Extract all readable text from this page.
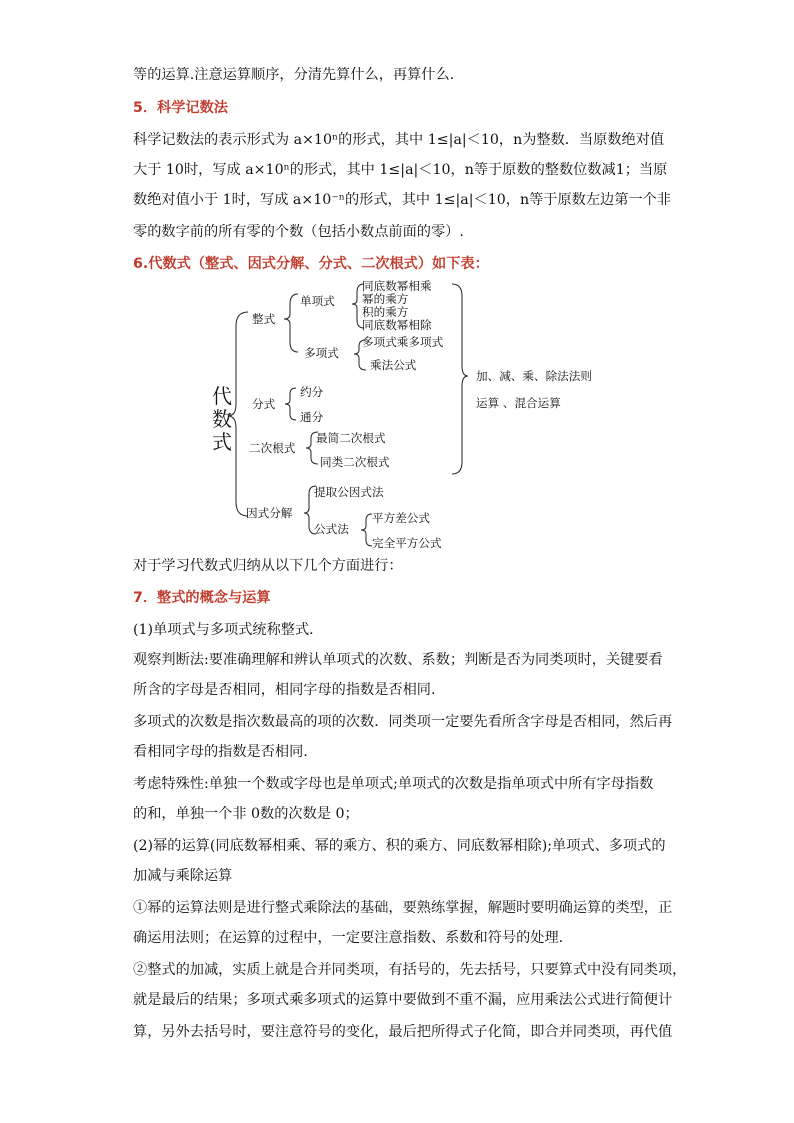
等的运算.注意运算顺序，分清先算什么，再算什么.
5．科学记数法
科学记数法的表示形式为 a×10ⁿ的形式，其中 1≤|a|＜10，n为整数．当原数绝对值
大于 10时，写成 a×10ⁿ的形式，其中 1≤|a|＜10，n等于原数的整数位数减1；当原
数绝对值小于 1时，写成 a×10⁻ⁿ的形式，其中 1≤|a|＜10，n等于原数左边第一个非
零的数字前的所有零的个数（包括小数点前面的零）.
6.代数式（整式、因式分解、分式、二次根式）如下表：
代
数
式
整式
单项式
同底数幂相乘
幂的乘方
积的乘方
同底数幂相除
多项式
多项式乘多项式
乘法公式
分式
约分
通分
二次根式
最简二次根式
同类二次根式
因式分解
提取公因式法
公式法
平方差公式
完全平方公式
加、减、乘、除法法则
运算 、混合运算
对于学习代数式归纳从以下几个方面进行：
7．整式的概念与运算
(1)单项式与多项式统称整式.
观察判断法:要准确理解和辨认单项式的次数、系数；判断是否为同类项时，关键要看
所含的字母是否相同，相同字母的指数是否相同.
多项式的次数是指次数最高的项的次数．同类项一定要先看所含字母是否相同，然后再
看相同字母的指数是否相同.
考虑特殊性:单独一个数或字母也是单项式;单项式的次数是指单项式中所有字母指数
的和，单独一个非 0数的次数是 0；
(2)幂的运算(同底数幂相乘、幂的乘方、积的乘方、同底数幂相除);单项式、多项式的
加减与乘除运算
①幂的运算法则是进行整式乘除法的基础，要熟练掌握，解题时要明确运算的类型，正
确运用法则；在运算的过程中，一定要注意指数、系数和符号的处理.
②整式的加减，实质上就是合并同类项，有括号的，先去括号，只要算式中没有同类项，
就是最后的结果；多项式乘多项式的运算中要做到不重不漏，应用乘法公式进行简便计
算，另外去括号时，要注意符号的变化，最后把所得式子化简，即合并同类项，再代值
